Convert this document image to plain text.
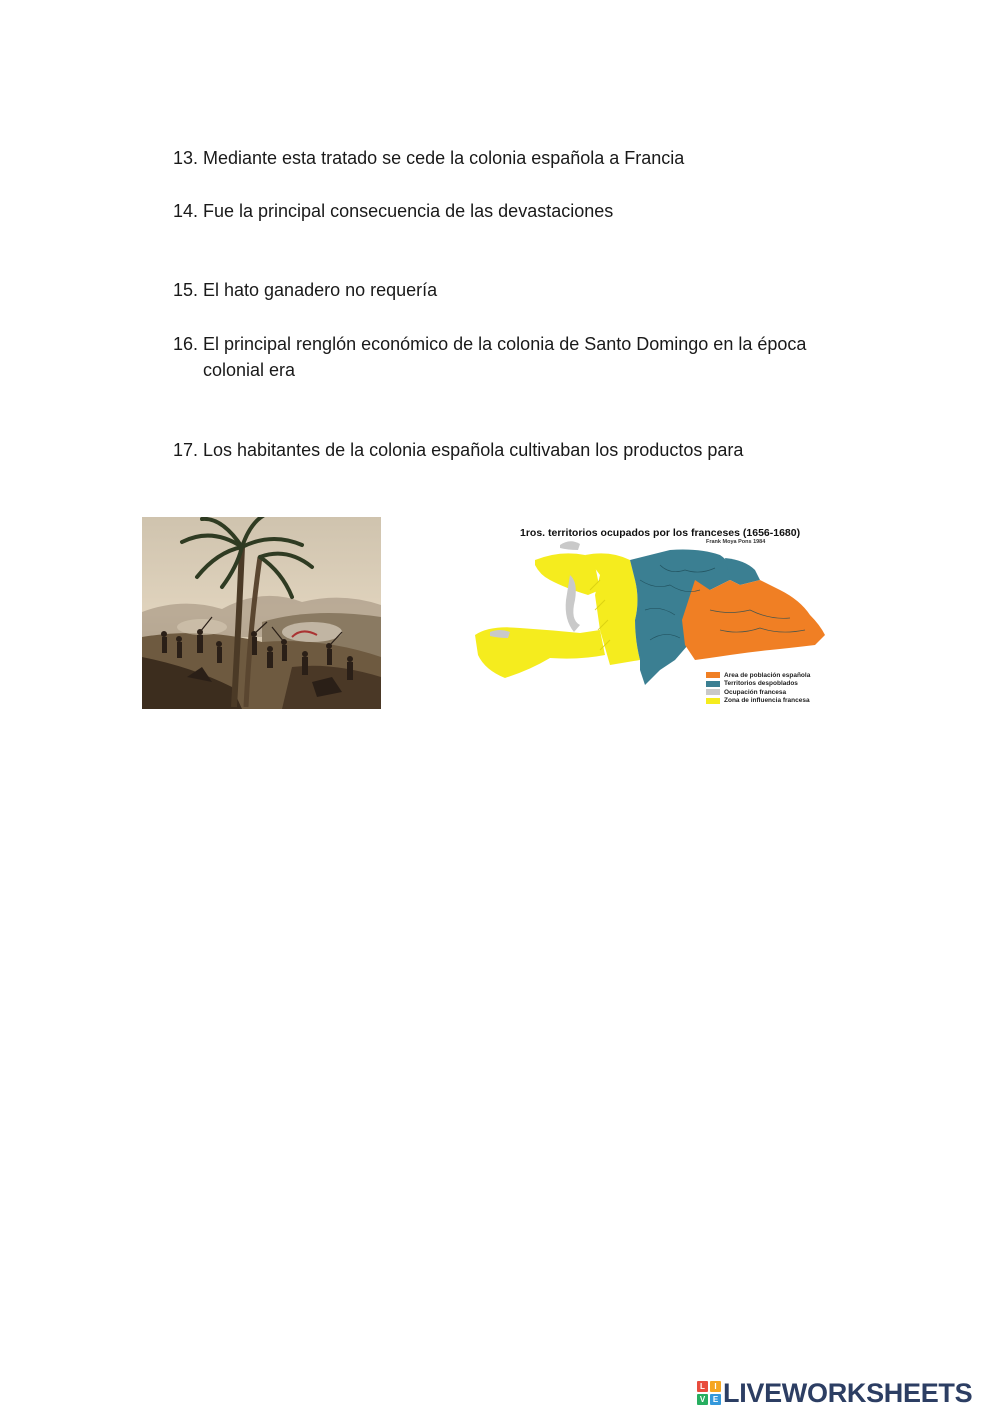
13. Mediante esta tratado se cede la colonia española a Francia
14. Fue la principal consecuencia de las devastaciones
15. El hato ganadero no requería
16. El principal renglón económico de la colonia de Santo Domingo en la época colonial era
17. Los habitantes de la colonia española cultivaban los productos para
1ros. territorios ocupados por los franceses (1656-1680)
Frank Moya Pons 1984
Area de población española
Territorios despoblados
Ocupación francesa
Zona de influencia francesa
L	I
V E LIVEWORKSHEETS
